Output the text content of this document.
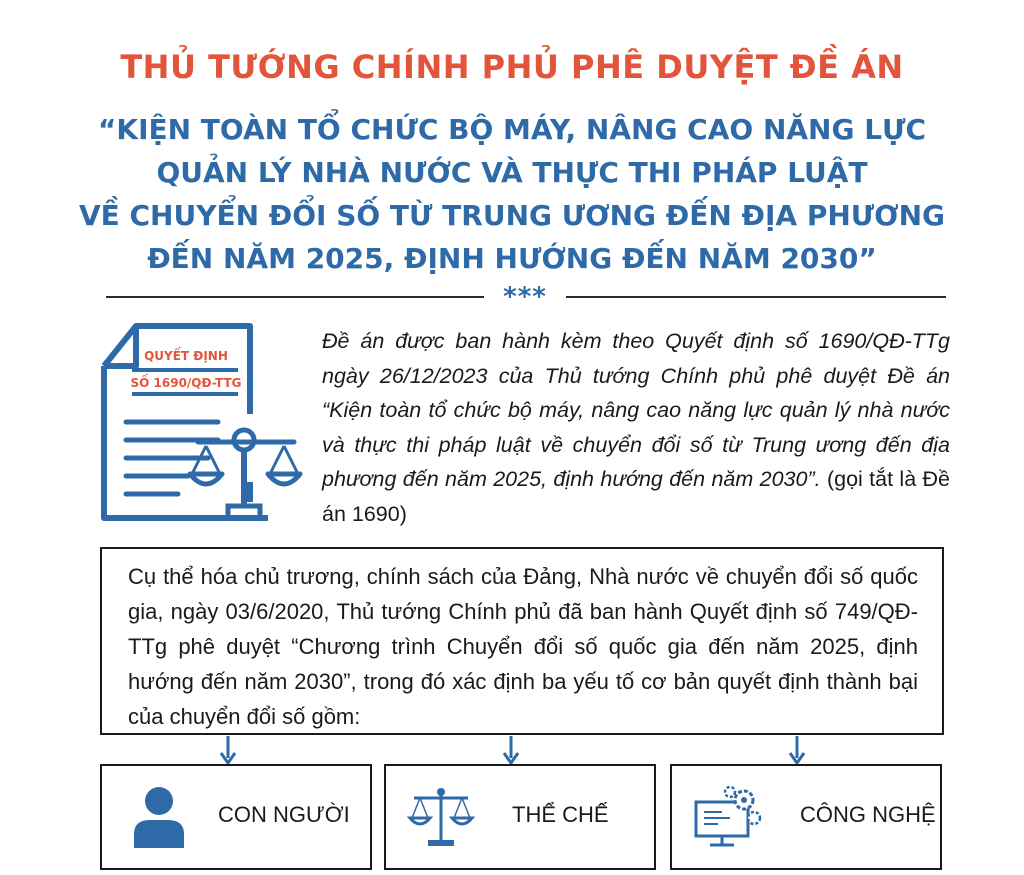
THỦ TƯỚNG CHÍNH PHỦ PHÊ DUYỆT ĐỀ ÁN
“KIỆN TOÀN TỔ CHỨC BỘ MÁY, NÂNG CAO NĂNG LỰC
QUẢN LÝ NHÀ NƯỚC VÀ THỰC THI PHÁP LUẬT
VỀ CHUYỂN ĐỔI SỐ TỪ TRUNG ƯƠNG ĐẾN ĐỊA PHƯƠNG
ĐẾN NĂM 2025, ĐỊNH HƯỚNG ĐẾN NĂM 2030”
***
QUYẾT ĐỊNH
SỐ 1690/QĐ-TTG
Đề án được ban hành kèm theo Quyết định số 1690/QĐ-TTg ngày 26/12/2023 của Thủ tướng Chính phủ phê duyệt Đề án “Kiện toàn tổ chức bộ máy, nâng cao năng lực quản lý nhà nước và thực thi pháp luật về chuyển đổi số từ Trung ương đến địa phương đến năm 2025, định hướng đến năm 2030”. (gọi tắt là Đề án 1690)
Cụ thể hóa chủ trương, chính sách của Đảng, Nhà nước về chuyển đổi số quốc gia, ngày 03/6/2020, Thủ tướng Chính phủ đã ban hành Quyết định số 749/QĐ-TTg phê duyệt “Chương trình Chuyển đổi số quốc gia đến năm 2025, định hướng đến năm 2030”, trong đó xác định ba yếu tố cơ bản quyết định thành bại của chuyển đổi số gồm:
CON NGƯỜI	THỂ CHẾ	CÔNG NGHỆ
